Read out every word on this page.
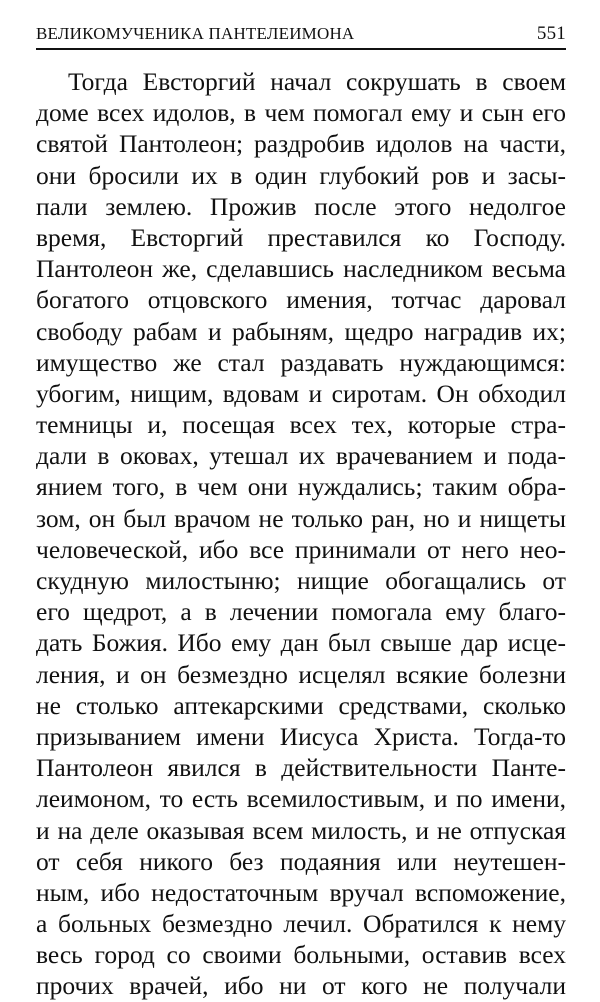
ВЕЛИКОМУЧЕНИКА ПАНТЕЛЕИМОНА	551
Тогда Евсторгий начал сокрушать в своем
доме всех идолов, в чем помогал ему и сын его
святой Пантолеон; раздробив идолов на части,
они бросили их в один глубокий ров и засы-
пали землею. Прожив после этого недолгое
время, Евсторгий преставился ко Господу.
Пантолеон же, сделавшись наследником весьма
богатого отцовского имения, тотчас даровал
свободу рабам и рабыням, щедро наградив их;
имущество же стал раздавать нуждающимся:
убогим, нищим, вдовам и сиротам. Он обходил
темницы и, посещая всех тех, которые стра-
дали в оковах, утешал их врачеванием и пода-
янием того, в чем они нуждались; таким обра-
зом, он был врачом не только ран, но и нищеты
человеческой, ибо все принимали от него нео-
скудную милостыню; нищие обогащались от
его щедрот, а в лечении помогала ему благо-
дать Божия. Ибо ему дан был свыше дар исце-
ления, и он безмездно исцелял всякие болезни
не столько аптекарскими средствами, сколько
призыванием имени Иисуса Христа. Тогда-то
Пантолеон явился в действительности Панте-
леимоном, то есть всемилостивым, и по имени,
и на деле оказывая всем милость, и не отпуская
от себя никого без подаяния или неутешен-
ным, ибо недостаточным вручал вспоможение,
а больных безмездно лечил. Обратился к нему
весь город со своими больными, оставив всех
прочих врачей, ибо ни от кого не получали
